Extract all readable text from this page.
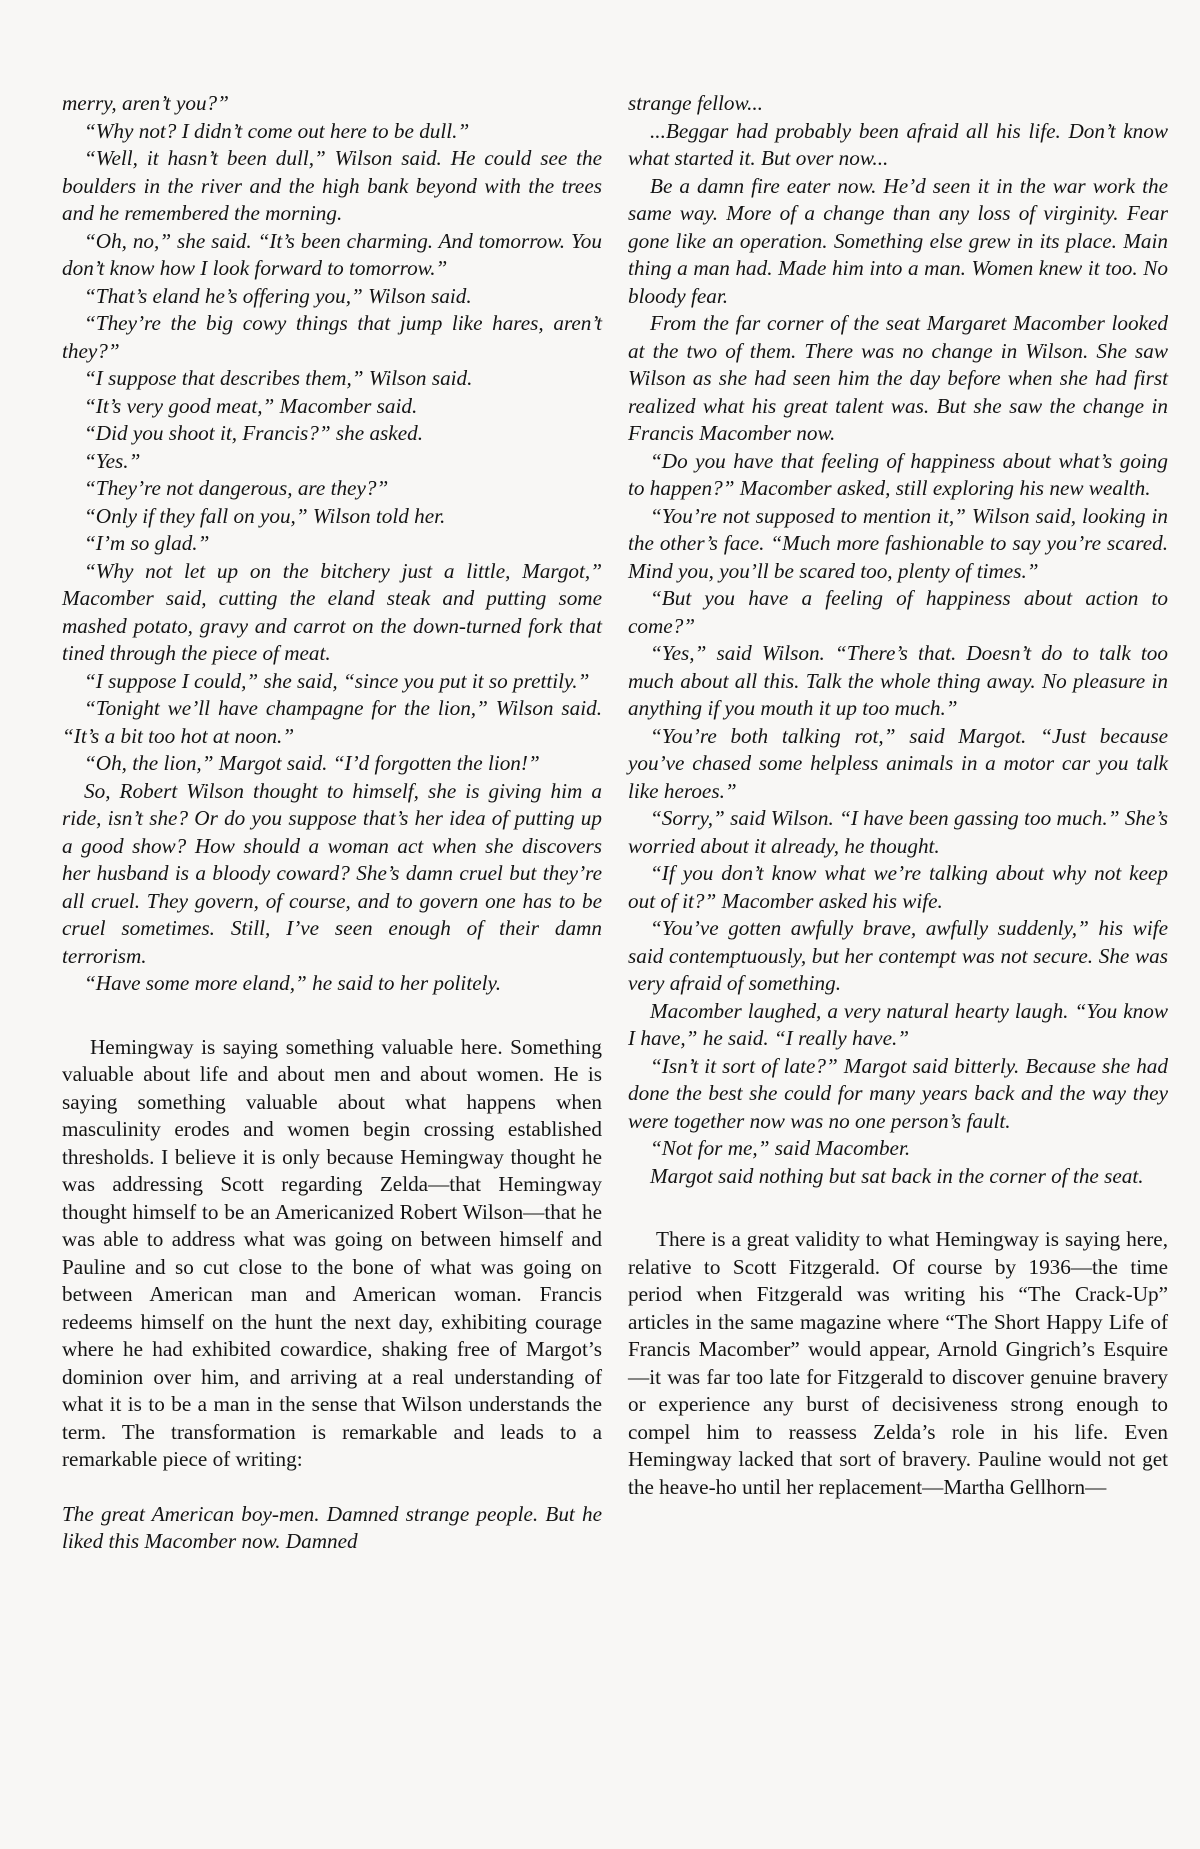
merry, aren’t you?”

“Why not? I didn’t come out here to be dull.”

“Well, it hasn’t been dull,” Wilson said. He could see the boulders in the river and the high bank beyond with the trees and he remembered the morning.

“Oh, no,” she said. “It’s been charming. And tomorrow. You don’t know how I look forward to tomorrow.”

“That’s eland he’s offering you,” Wilson said.

“They’re the big cowy things that jump like hares, aren’t they?”

“I suppose that describes them,” Wilson said.

“It’s very good meat,” Macomber said.

“Did you shoot it, Francis?” she asked.

“Yes.”

“They’re not dangerous, are they?”

“Only if they fall on you,” Wilson told her.

“I’m so glad.”

“Why not let up on the bitchery just a little, Margot,” Macomber said, cutting the eland steak and putting some mashed potato, gravy and carrot on the down-turned fork that tined through the piece of meat.

“I suppose I could,” she said, “since you put it so prettily.”

“Tonight we’ll have champagne for the lion,” Wilson said. “It’s a bit too hot at noon.”

“Oh, the lion,” Margot said. “I’d forgotten the lion!”

So, Robert Wilson thought to himself, she is giving him a ride, isn’t she? Or do you suppose that’s her idea of putting up a good show? How should a woman act when she discovers her husband is a bloody coward? She’s damn cruel but they’re all cruel. They govern, of course, and to govern one has to be cruel sometimes. Still, I’ve seen enough of their damn terrorism.

“Have some more eland,” he said to her politely.

Hemingway is saying something valuable here. Something valuable about life and about men and about women. He is saying something valuable about what happens when masculinity erodes and women begin crossing established thresholds. I believe it is only because Hemingway thought he was addressing Scott regarding Zelda—that Hemingway thought himself to be an Americanized Robert Wilson—that he was able to address what was going on between himself and Pauline and so cut close to the bone of what was going on between American man and American woman. Francis redeems himself on the hunt the next day, exhibiting courage where he had exhibited cowardice, shaking free of Margot’s dominion over him, and arriving at a real understanding of what it is to be a man in the sense that Wilson understands the term. The transformation is remarkable and leads to a remarkable piece of writing:

The great American boy-men. Damned strange people. But he liked this Macomber now. Damned

strange fellow...

...Beggar had probably been afraid all his life. Don’t know what started it. But over now...

Be a damn fire eater now. He’d seen it in the war work the same way. More of a change than any loss of virginity. Fear gone like an operation. Something else grew in its place. Main thing a man had. Made him into a man. Women knew it too. No bloody fear.

From the far corner of the seat Margaret Macomber looked at the two of them. There was no change in Wilson. She saw Wilson as she had seen him the day before when she had first realized what his great talent was. But she saw the change in Francis Macomber now.

“Do you have that feeling of happiness about what’s going to happen?” Macomber asked, still exploring his new wealth.

“You’re not supposed to mention it,” Wilson said, looking in the other’s face. “Much more fashionable to say you’re scared. Mind you, you’ll be scared too, plenty of times.”

“But you have a feeling of happiness about action to come?”

“Yes,” said Wilson. “There’s that. Doesn’t do to talk too much about all this. Talk the whole thing away. No pleasure in anything if you mouth it up too much.”

“You’re both talking rot,” said Margot. “Just because you’ve chased some helpless animals in a motor car you talk like heroes.”

“Sorry,” said Wilson. “I have been gassing too much.” She’s worried about it already, he thought.

“If you don’t know what we’re talking about why not keep out of it?” Macomber asked his wife.

“You’ve gotten awfully brave, awfully suddenly,” his wife said contemptuously, but her contempt was not secure. She was very afraid of something.

Macomber laughed, a very natural hearty laugh. “You know I have,” he said. “I really have.”

“Isn’t it sort of late?” Margot said bitterly. Because she had done the best she could for many years back and the way they were together now was no one person’s fault.

“Not for me,” said Macomber.

Margot said nothing but sat back in the corner of the seat.

There is a great validity to what Hemingway is saying here, relative to Scott Fitzgerald. Of course by 1936—the time period when Fitzgerald was writing his “The Crack-Up” articles in the same magazine where “The Short Happy Life of Francis Macomber” would appear, Arnold Gingrich’s Esquire—it was far too late for Fitzgerald to discover genuine bravery or experience any burst of decisiveness strong enough to compel him to reassess Zelda’s role in his life. Even Hemingway lacked that sort of bravery. Pauline would not get the heave-ho until her replacement—Martha Gellhorn—
